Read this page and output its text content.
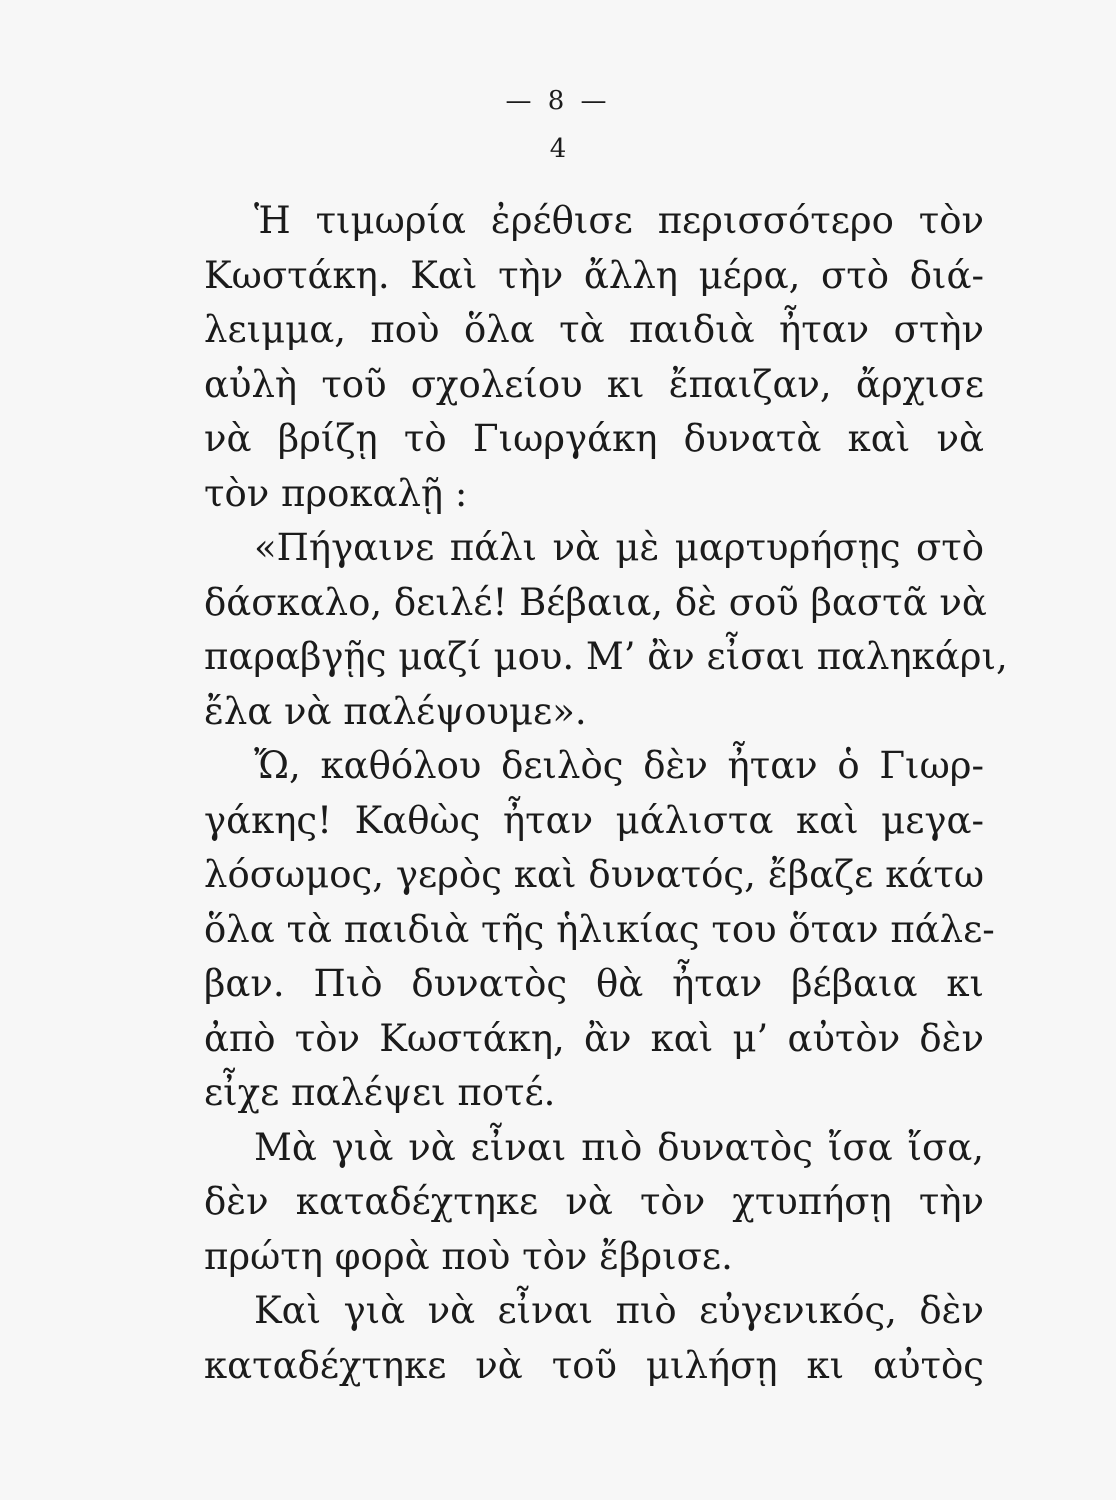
— 8 —
4
Ἡ τιμωρία ἐρέθισε περισσότερο τὸν
Κωστάκη. Καὶ τὴν ἄλλη μέρα, στὸ διά-
λειμμα, ποὺ ὅλα τὰ παιδιὰ ἦταν στὴν
αὐλὴ τοῦ σχολείου κι ἔπαιζαν, ἄρχισε
νὰ βρίζῃ τὸ Γιωργάκη δυνατὰ καὶ νὰ
τὸν προκαλῇ :
«Πήγαινε πάλι νὰ μὲ μαρτυρήσῃς στὸ
δάσκαλο, δειλέ! Βέβαια, δὲ σοῦ βαστᾶ νὰ
παραβγῇς μαζί μου. Μ’ ἂν εἶσαι παληκάρι,
ἔλα νὰ παλέψουμε».
Ὤ, καθόλου δειλὸς δὲν ἦταν ὁ Γιωρ-
γάκης! Καθὼς ἦταν μάλιστα καὶ μεγα-
λόσωμος, γερὸς καὶ δυνατός, ἔβαζε κάτω
ὅλα τὰ παιδιὰ τῆς ἡλικίας του ὅταν πάλε-
βαν. Πιὸ δυνατὸς θὰ ἦταν βέβαια κι
ἀπὸ τὸν Κωστάκη, ἂν καὶ μ’ αὐτὸν δὲν
εἶχε παλέψει ποτέ.
Μὰ γιὰ νὰ εἶναι πιὸ δυνατὸς ἴσα ἴσα,
δὲν καταδέχτηκε νὰ τὸν χτυπήσῃ τὴν
πρώτη φορὰ ποὺ τὸν ἔβρισε.
Καὶ γιὰ νὰ εἶναι πιὸ εὐγενικός, δὲν
καταδέχτηκε νὰ τοῦ μιλήσῃ κι αὐτὸς
